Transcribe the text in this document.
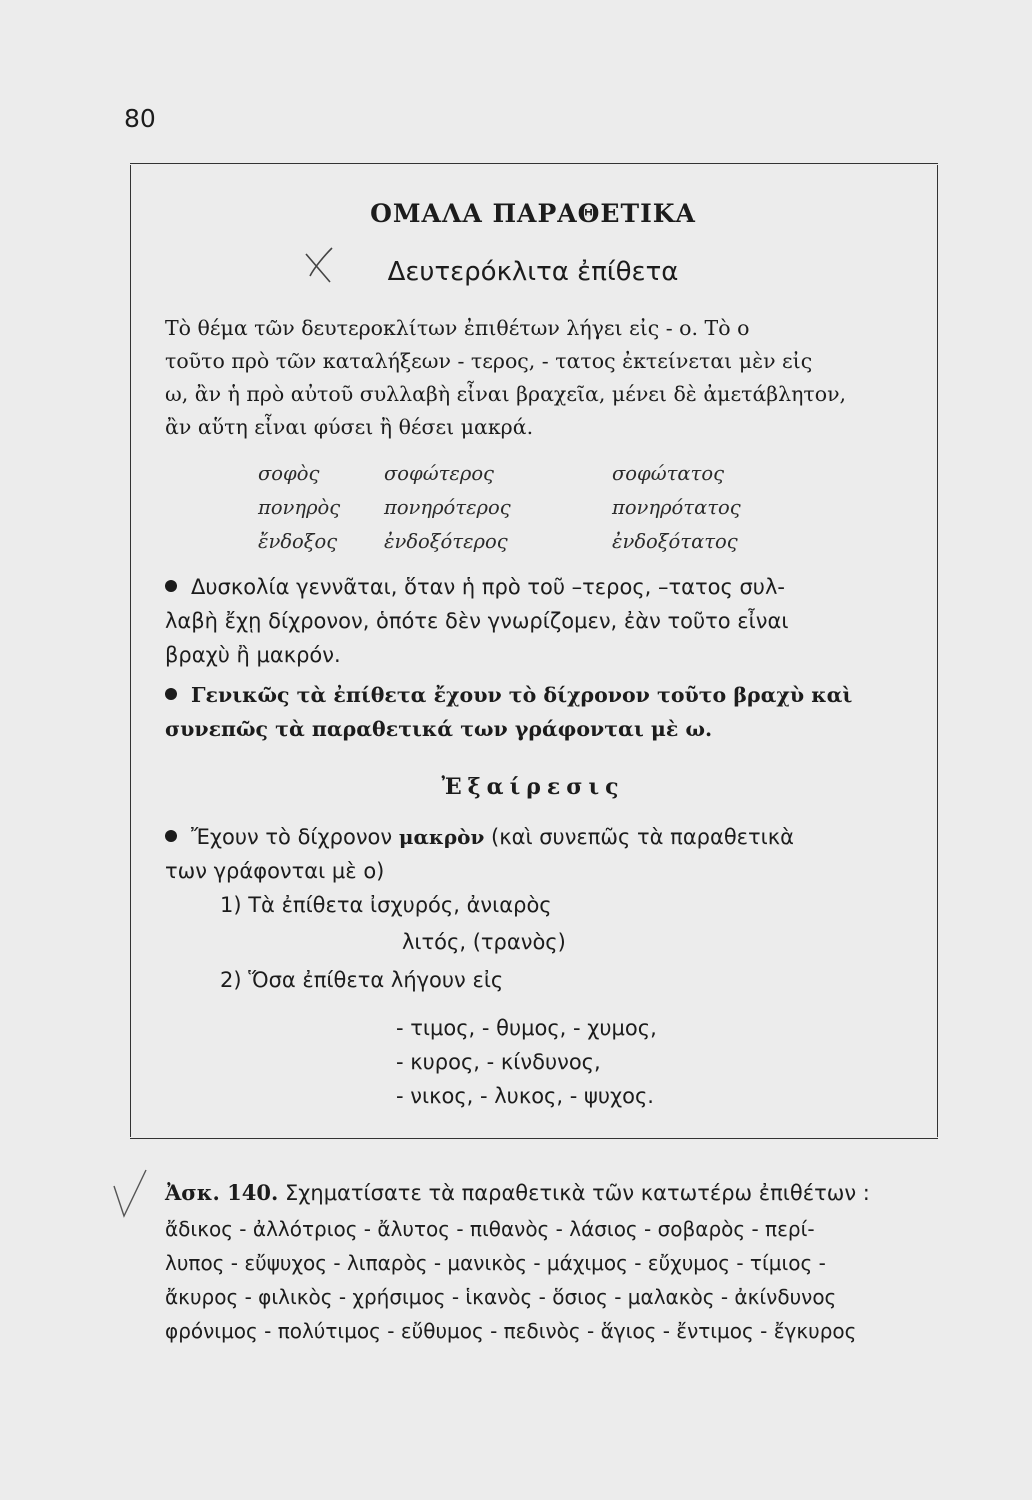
80
ΟΜΑΛΑ ΠΑΡΑΘΕΤΙΚΑ
Δευτερόκλιτα ἐπίθετα
Τὸ θέμα τῶν δευτεροκλίτων ἐπιθέτων λήγει εἰς - ο. Τὸ ο
τοῦτο πρὸ τῶν καταλήξεων - τερος, - τατος ἐκτείνεται μὲν εἰς
ω, ἂν ἡ πρὸ αὐτοῦ συλλαβὴ εἶναι βραχεῖα, μένει δὲ ἀμετάβλητον,
ἂν αὕτη εἶναι φύσει ἢ θέσει μακρά.
σοφὸς	σοφώτερος	σοφώτατος
πονηρὸς πονηρότερος	πονηρότατος
ἔνδοξος ἐνδοξότερος	ἐνδοξότατος
Δυσκολία γεννᾶται, ὅταν ἡ πρὸ τοῦ –τερος, –τατος συλ-
λαβὴ ἔχῃ δίχρονον, ὁπότε δὲν γνωρίζομεν, ἐὰν τοῦτο εἶναι
βραχὺ ἢ μακρόν.
Γενικῶς τὰ ἐπίθετα ἔχουν τὸ δίχρονον τοῦτο βραχὺ καὶ
συνεπῶς τὰ παραθετικά των γράφονται μὲ ω.
Ἐξαίρεσις
Ἔχουν τὸ δίχρονον μακρὸν (καὶ συνεπῶς τὰ παραθετικὰ
των γράφονται μὲ ο)
1) Τὰ ἐπίθετα ἰσχυρός, ἀνιαρὸς
λιτός, (τρανὸς)
2) Ὅσα ἐπίθετα λήγουν εἰς
- τιμος, - θυμος, - χυμος,
- κυρος, - κίνδυνος,
- νικος, - λυκος, - ψυχος.
Ἀσκ. 140. Σχηματίσατε τὰ παραθετικὰ τῶν κατωτέρω ἐπιθέτων :
ἄδικος - ἀλλότριος - ἄλυτος - πιθανὸς - λάσιος - σοβαρὸς - περί-
λυπος - εὔψυχος - λιπαρὸς - μανικὸς - μάχιμος - εὔχυμος - τίμιος -
ἄκυρος - φιλικὸς - χρήσιμος - ἱκανὸς - ὅσιος - μαλακὸς - ἀκίνδυνος
φρόνιμος - πολύτιμος - εὔθυμος - πεδινὸς - ἅγιος - ἔντιμος - ἔγκυρος
